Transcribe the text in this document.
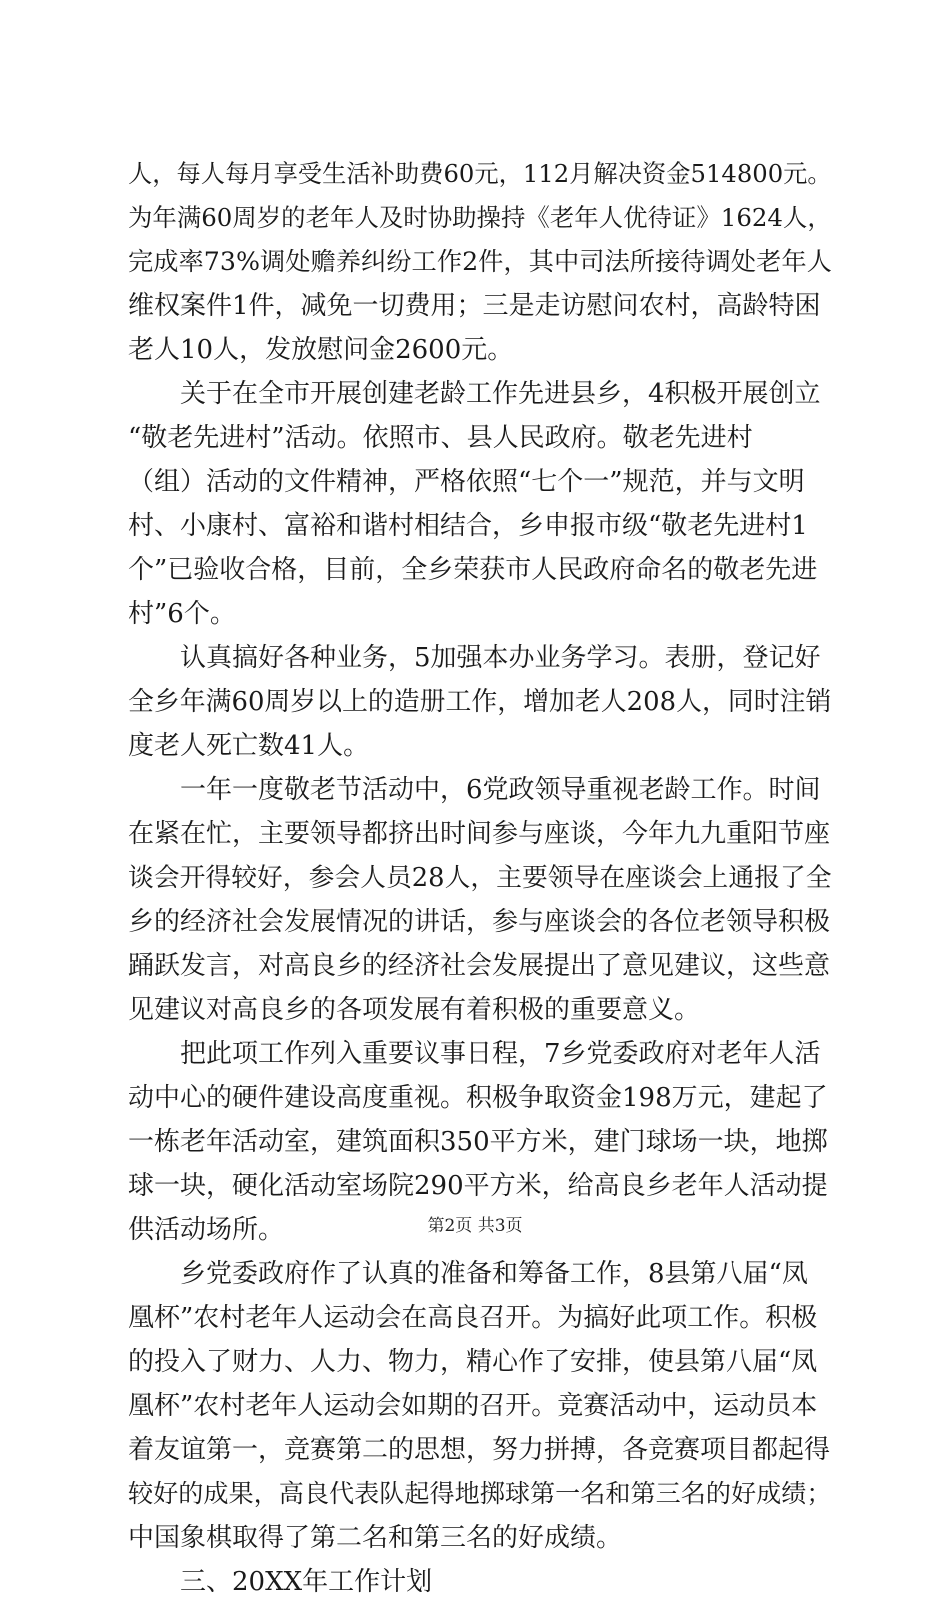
人，每人每月享受生活补助费60元，112月解决资金514800元。
为年满60周岁的老年人及时协助操持《老年人优待证》1624人，
完成率73%调处赡养纠纷工作2件，其中司法所接待调处老年人
维权案件1件，减免一切费用；三是走访慰问农村，高龄特困
老人10人，发放慰问金2600元。

关于在全市开展创建老龄工作先进县乡，4积极开展创立
“敬老先进村”活动。依照市、县人民政府。敬老先进村
（组）活动的文件精神，严格依照“七个一”规范，并与文明
村、小康村、富裕和谐村相结合，乡申报市级“敬老先进村1
个”已验收合格，目前，全乡荣获市人民政府命名的敬老先进
村”6个。

认真搞好各种业务，5加强本办业务学习。表册，登记好
全乡年满60周岁以上的造册工作，增加老人208人，同时注销
度老人死亡数41人。

一年一度敬老节活动中，6党政领导重视老龄工作。时间
在紧在忙，主要领导都挤出时间参与座谈，今年九九重阳节座
谈会开得较好，参会人员28人，主要领导在座谈会上通报了全
乡的经济社会发展情况的讲话，参与座谈会的各位老领导积极
踊跃发言，对高良乡的经济社会发展提出了意见建议，这些意
见建议对高良乡的各项发展有着积极的重要意义。

把此项工作列入重要议事日程，7乡党委政府对老年人活
动中心的硬件建设高度重视。积极争取资金198万元，建起了
一栋老年活动室，建筑面积350平方米，建门球场一块，地掷
球一块，硬化活动室场院290平方米，给高良乡老年人活动提
供活动场所。

乡党委政府作了认真的准备和筹备工作，8县第八届“凤
凰杯”农村老年人运动会在高良召开。为搞好此项工作。积极
的投入了财力、人力、物力，精心作了安排，使县第八届“凤
凰杯”农村老年人运动会如期的召开。竞赛活动中，运动员本
着友谊第一，竞赛第二的思想，努力拼搏，各竞赛项目都起得
较好的成果，高良代表队起得地掷球第一名和第三名的好成绩；
中国象棋取得了第二名和第三名的好成绩。

三、20XX年工作计划

第2页 共3页
